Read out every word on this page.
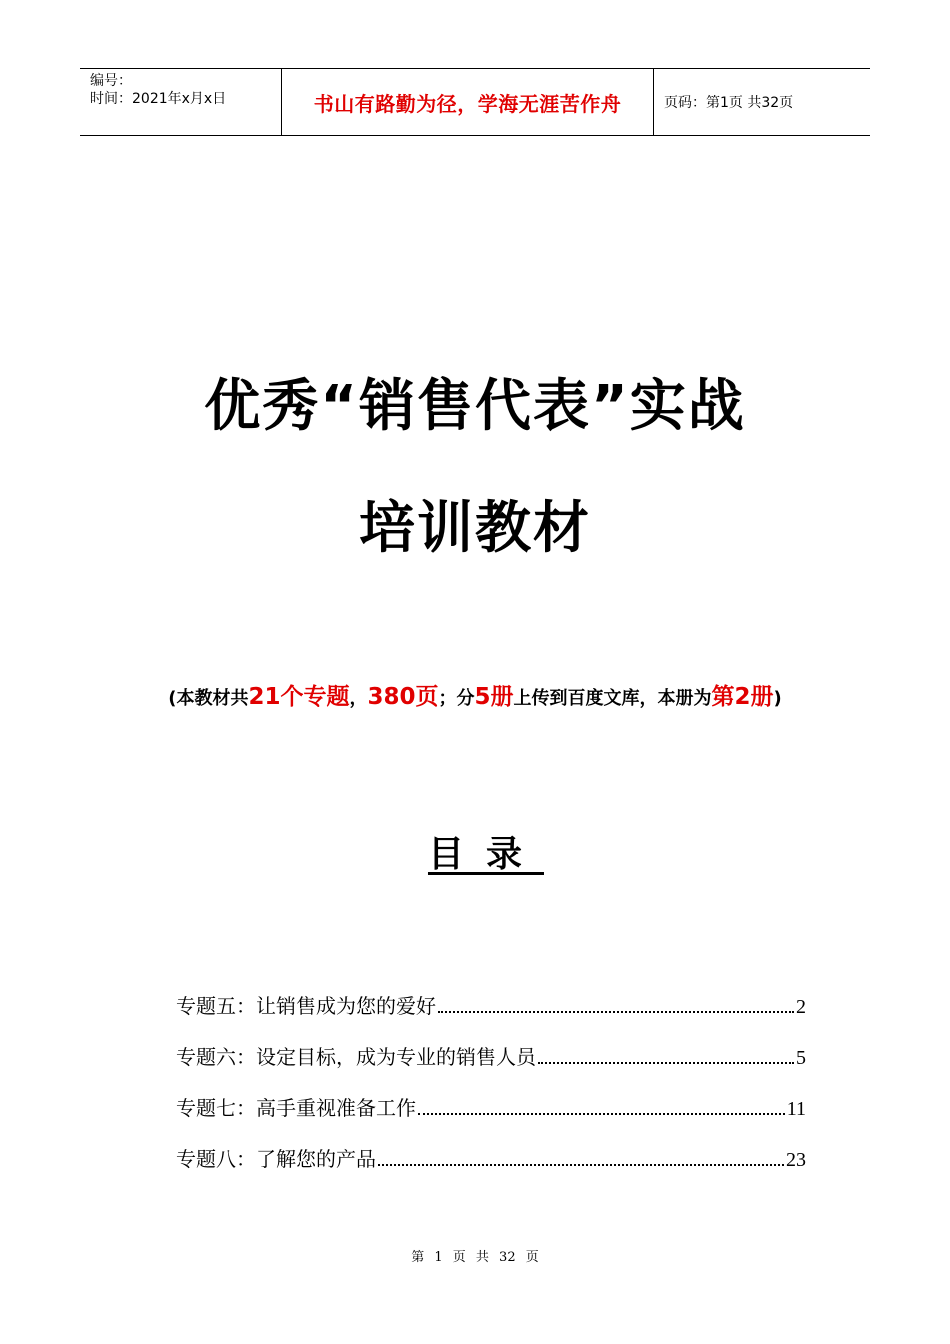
编号：
时间：2021年x月x日	书山有路勤为径，学海无涯苦作舟	页码：第1页 共32页
优秀“销售代表”实战
培训教材
(本教材共21个专题，380页；分5册上传到百度文库，本册为第2册)
目录
专题五：让销售成为您的爱好	2
专题六：设定目标，成为专业的销售人员	5
专题七：高手重视准备工作	11
专题八：了解您的产品	23
第 1 页 共 32 页
